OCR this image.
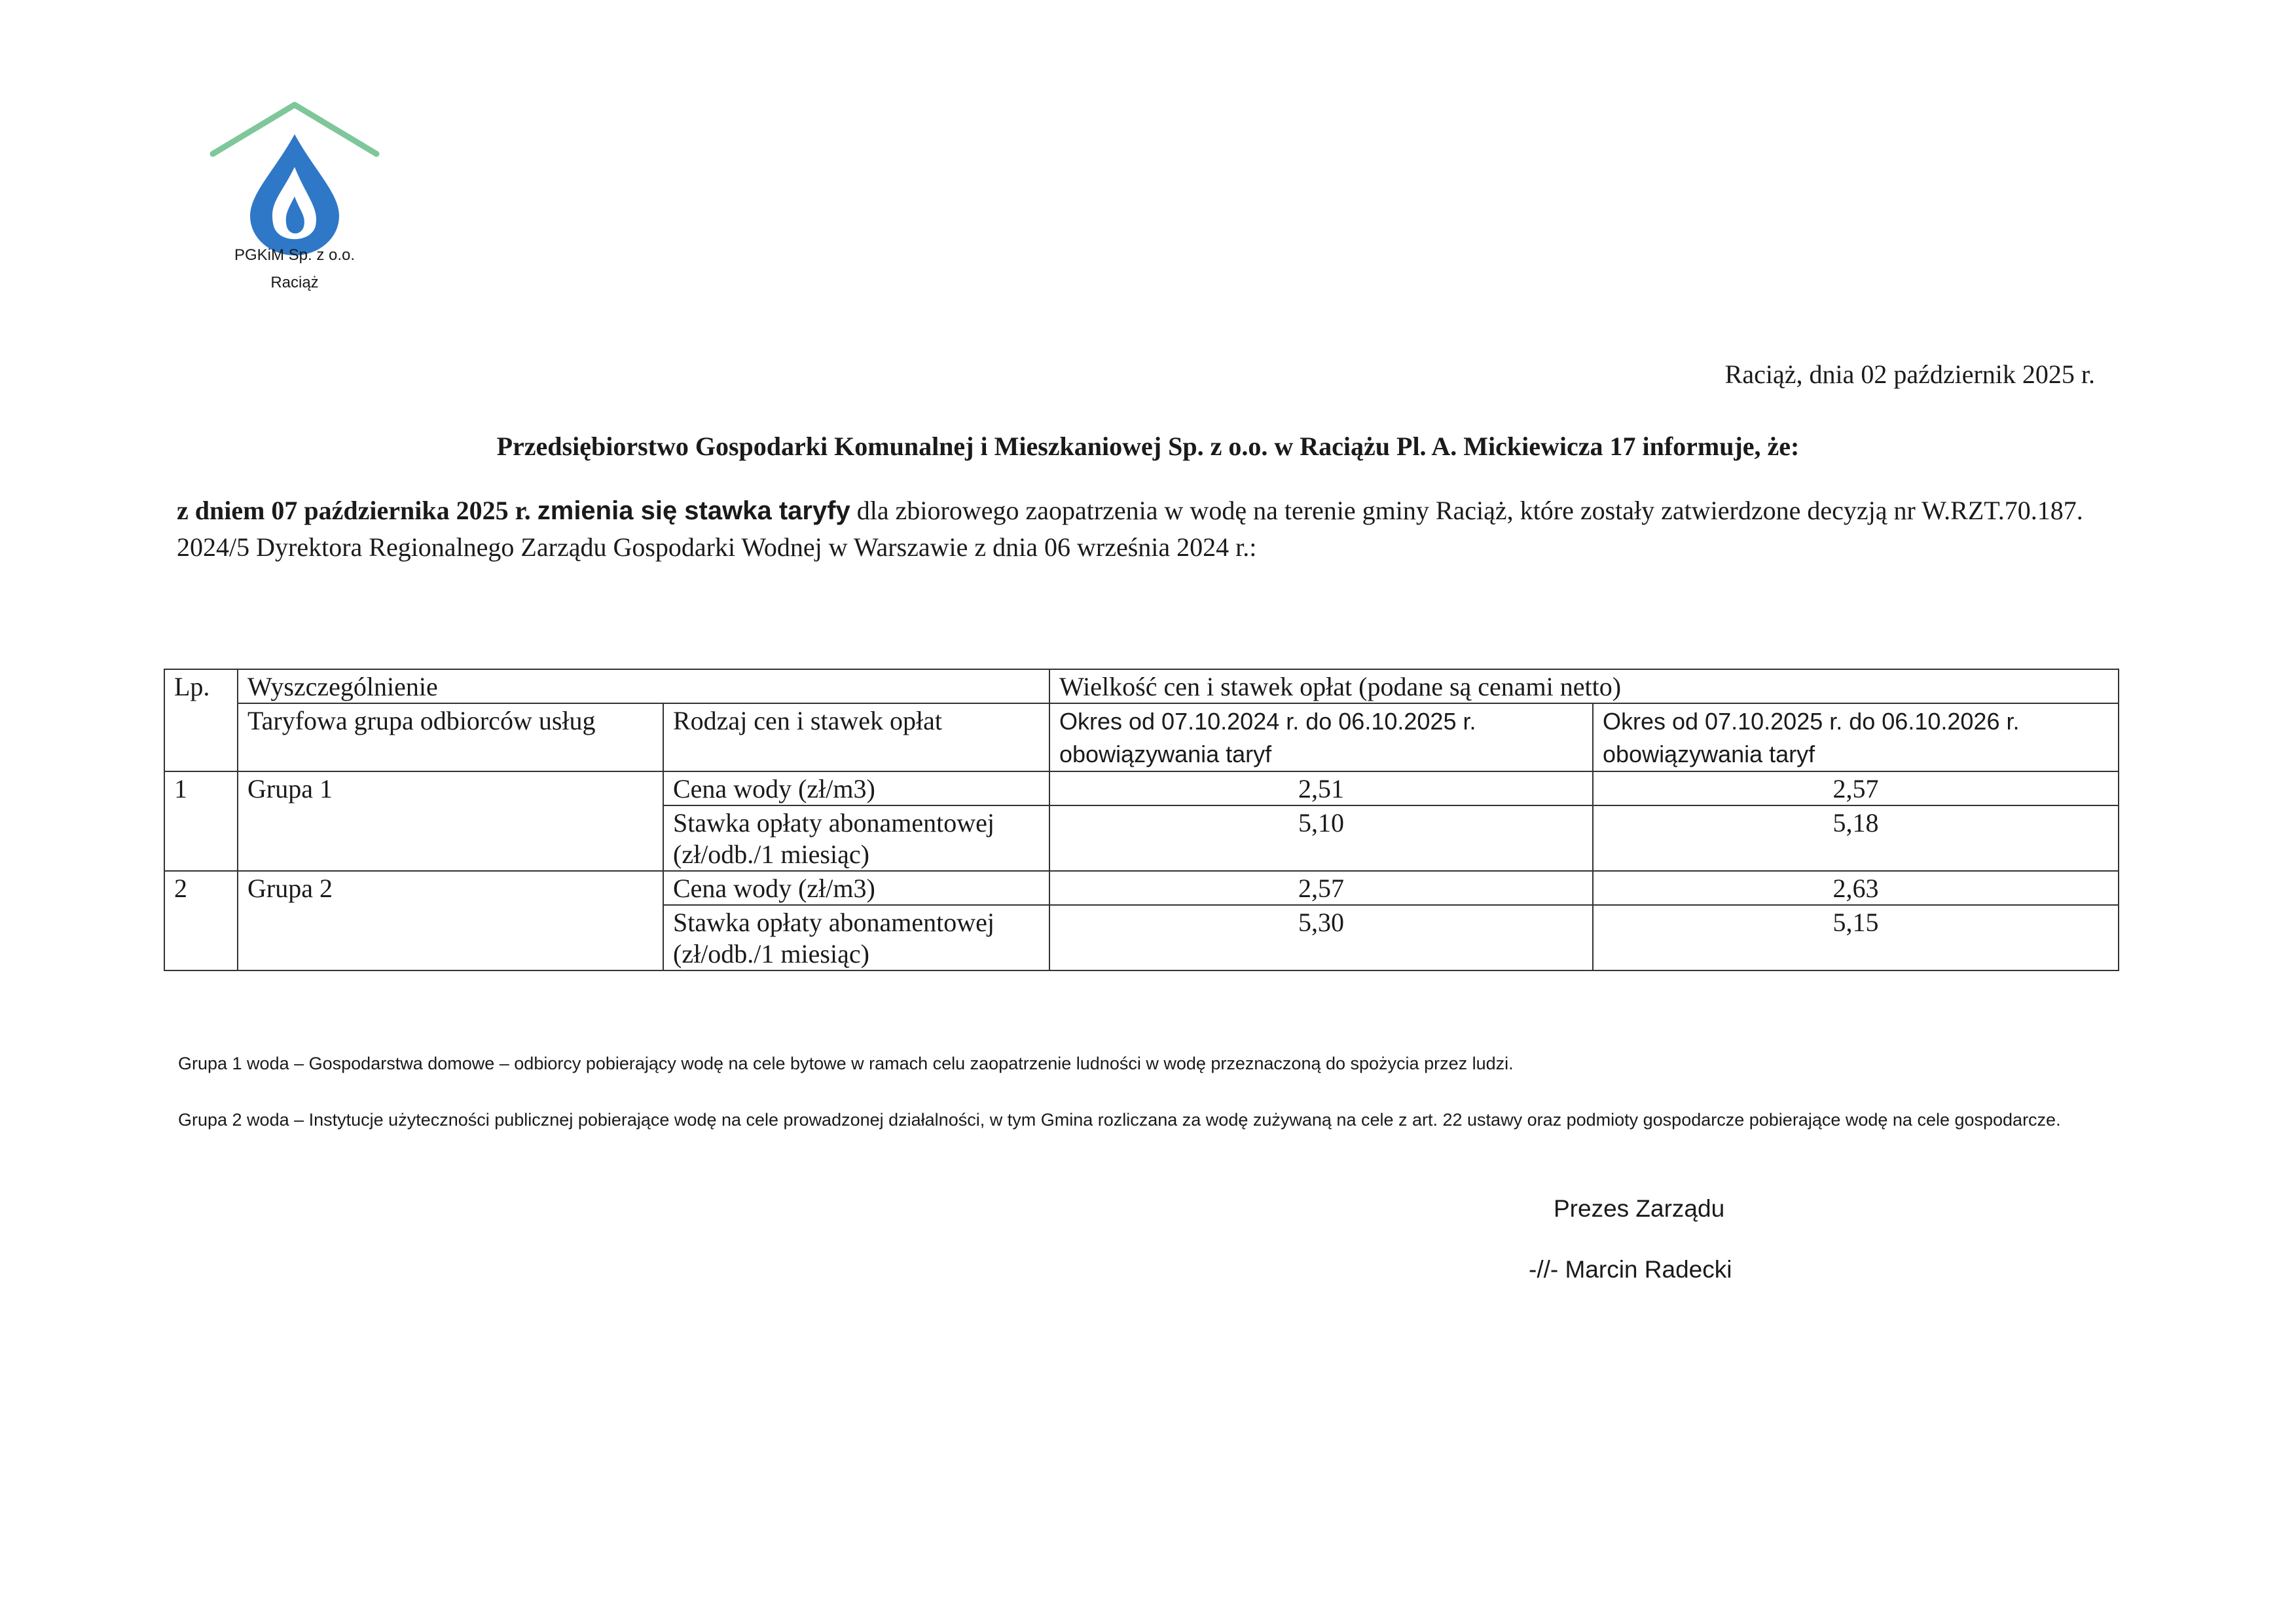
PGKiM Sp. z o.o.
Raciąż
Raciąż, dnia 02 październik 2025 r.
Przedsiębiorstwo Gospodarki Komunalnej i Mieszkaniowej Sp. z o.o. w Raciążu Pl. A. Mickiewicza 17 informuje, że:
z dniem 07 października 2025 r. zmienia się stawka taryfy dla zbiorowego zaopatrzenia w wodę na terenie gminy Raciąż, które zostały zatwierdzone decyzją nr W.RZT.70.187. 2024/5 Dyrektora Regionalnego Zarządu Gospodarki Wodnej w Warszawie z dnia 06 września 2024 r.:
Lp.	Wyszczególnienie		Wielkość cen i stawek opłat (podane są cenami netto)	
	Taryfowa grupa odbiorców usług	Rodzaj cen i stawek opłat	Okres od 07.10.2024 r. do 06.10.2025 r. obowiązywania taryf	Okres od 07.10.2025 r. do 06.10.2026 r. obowiązywania taryf
1	Grupa 1	Cena wody (zł/m3)	2,51	2,57
		Stawka opłaty abonamentowej (zł/odb./1 miesiąc)	5,10	5,18
2	Grupa 2	Cena wody (zł/m3)	2,57	2,63
		Stawka opłaty abonamentowej (zł/odb./1 miesiąc)	5,30	5,15
Grupa 1 woda – Gospodarstwa domowe – odbiorcy pobierający wodę na cele bytowe w ramach celu zaopatrzenie ludności w wodę przeznaczoną do spożycia przez ludzi.
Grupa 2 woda – Instytucje użyteczności publicznej pobierające wodę na cele prowadzonej działalności, w tym Gmina rozliczana za wodę zużywaną na cele z art. 22 ustawy oraz podmioty gospodarcze pobierające wodę na cele gospodarcze.
Prezes Zarządu
-//- Marcin Radecki
